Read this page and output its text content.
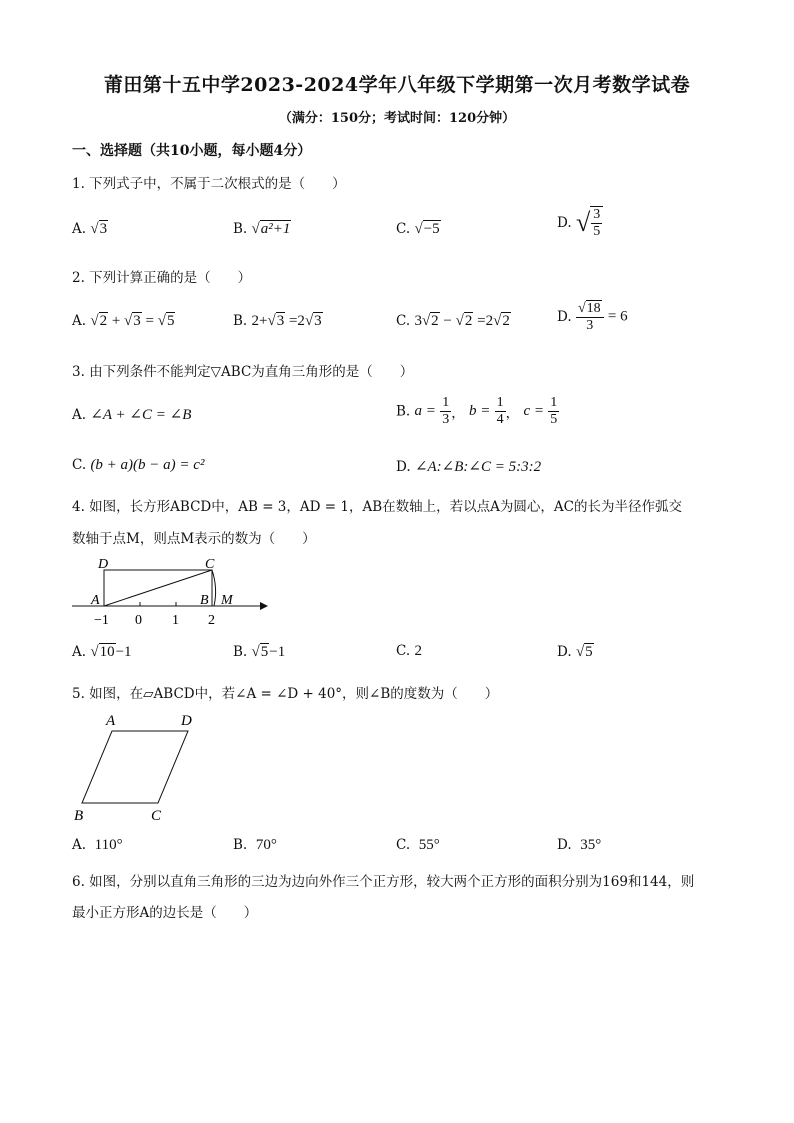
莆田第十五中学2023-2024学年八年级下学期第一次月考数学试卷
（满分：150分；考试时间：120分钟）
一、选择题（共10小题，每小题4分）
1. 下列式子中，不属于二次根式的是（　　）
A. √3	B. √a²+1	C. √−5	D. √ $\frac{3}{5}$
2. 下列计算正确的是（　　）
A. √2 + √3 = √5	B. 2+√3 =2√3	C. 3√2 − √2 =2√2	D. $\frac{√18}{3} = 6$
3. 由下列条件不能判定▽ABC为直角三角形的是（　　）
A. ∠A + ∠C = ∠B	B. $a = \frac{1}{3}$ ， $b = \frac{1}{4}$ ， $c = \frac{1}{5}$
C. (b + a)(b − a) = c²	D. ∠A:∠B:∠C = 5:3:2
4. 如图，长方形ABCD中，AB = 3，AD = 1，AB在数轴上，若以点A为圆心，AC的长为半径作弧交
数轴于点M，则点M表示的数为（　　）
D	C
A	B M
−1 0 1 2
A. √10−1	B. √5−1	C. 2	D. √5
5. 如图，在▱ABCD中，若∠A = ∠D + 40°，则∠B的度数为（　　）
A	D
B	C
A. 110°	B. 70°	C. 55°	D. 35°
6. 如图，分别以直角三角形的三边为边向外作三个正方形，较大两个正方形的面积分别为169和144，则
最小正方形A的边长是（　　）
